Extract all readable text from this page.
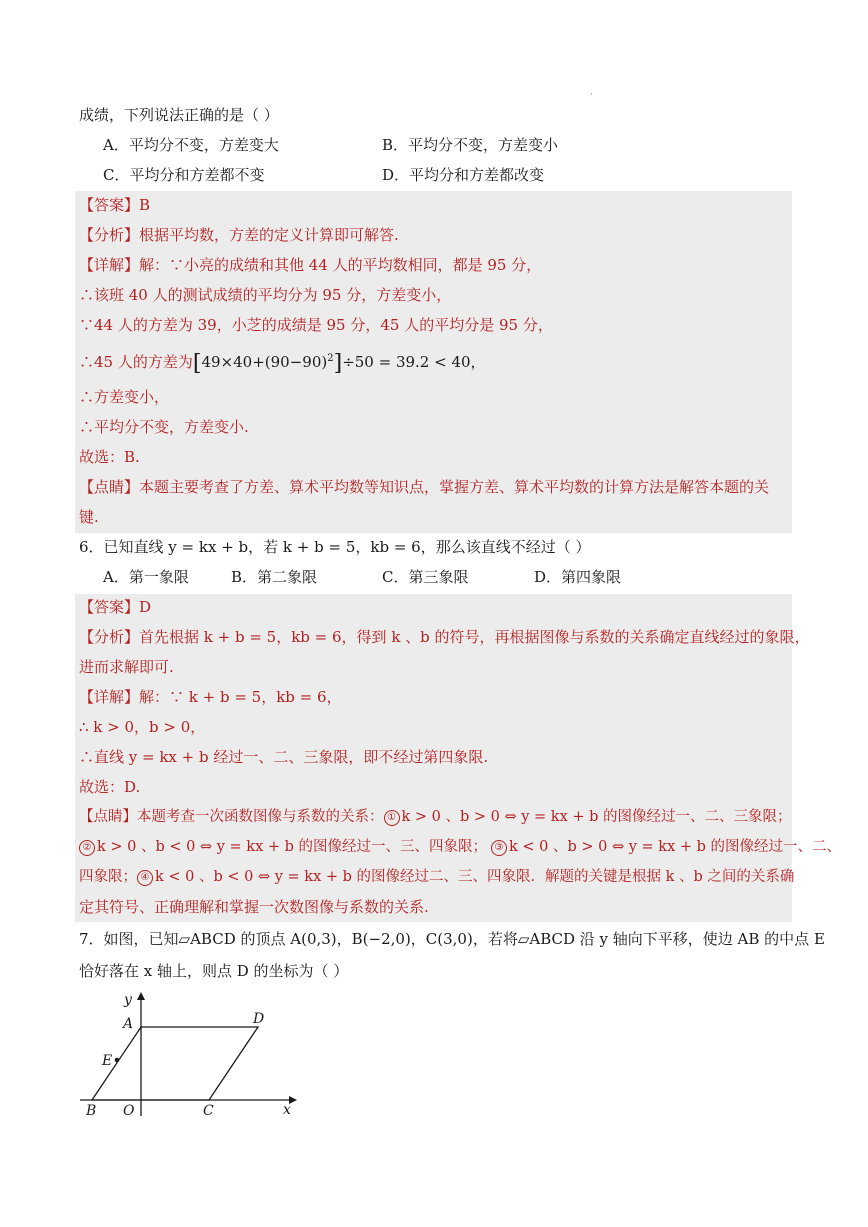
·
成绩，下列说法正确的是（ ）
A．平均分不变，方差变大	B．平均分不变，方差变小
C．平均分和方差都不变	D．平均分和方差都改变
【答案】B
【分析】根据平均数，方差的定义计算即可解答.
【详解】解：∵小亮的成绩和其他 44 人的平均数相同，都是 95 分，
∴该班 40 人的测试成绩的平均分为 95 分，方差变小，
∵44 人的方差为 39，小芝的成绩是 95 分，45 人的平均分是 95 分，
∴45 人的方差为$[49\times 40+(90-90)^2]\div 50 = 39.2 < 40$，
∴方差变小，
∴平均分不变，方差变小.
故选：B.
【点睛】本题主要考查了方差、算术平均数等知识点，掌握方差、算术平均数的计算方法是解答本题的关
键.
6．已知直线 y = kx + b，若 k + b = 5，kb = 6，那么该直线不经过（ ）
A．第一象限	B．第二象限	C．第三象限	D．第四象限
【答案】D
【分析】首先根据 k + b = 5，kb = 6，得到 k 、b 的符号，再根据图像与系数的关系确定直线经过的象限，
进而求解即可.
【详解】解：∵ k + b = 5，kb = 6，
∴ k > 0，b > 0，
∴直线 y = kx + b 经过一、二、三象限，即不经过第四象限.
故选：D.
【点睛】本题考查一次函数图像与系数的关系： ① k > 0 、b > 0 ⇔ y = kx + b 的图像经过一、二、三象限；
② k > 0 、b < 0 ⇔ y = kx + b 的图像经过一、三、四象限； ③ k < 0 、b > 0 ⇔ y = kx + b 的图像经过一、二、
四象限； ④ k < 0 、b < 0 ⇔ y = kx + b 的图像经过二、三、四象限．解题的关键是根据 k 、b 之间的关系确
定其符号、正确理解和掌握一次数图像与系数的关系.
7．如图，已知▱ABCD 的顶点 A(0,3)，B(−2,0)，C(3,0)，若将▱ABCD 沿 y 轴向下平移，使边 AB 的中点 E
恰好落在 x 轴上，则点 D 的坐标为（ ）
y
A	D
E
B O	C	x
